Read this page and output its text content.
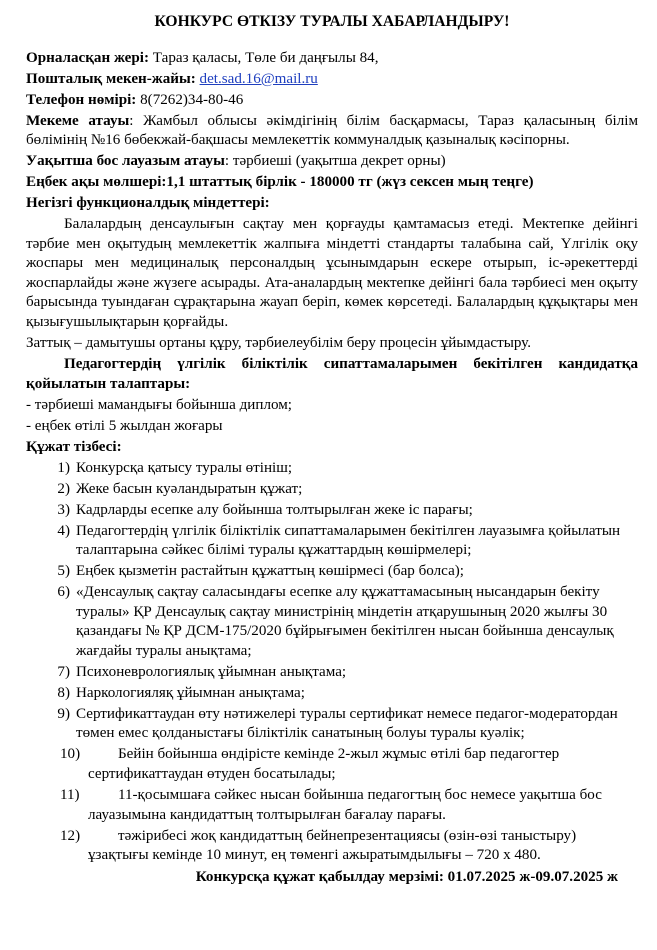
КОНКУРС ӨТКІЗУ ТУРАЛЫ ХАБАРЛАНДЫРУ!
Орналасқан жері: Тараз қаласы, Төле би даңғылы 84,
Пошталық мекен-жайы: det.sad.16@mail.ru
Телефон нөмірі: 8(7262)34-80-46
Мекеме атауы: Жамбыл облысы әкімдігінің білім басқармасы, Тараз қаласының білім бөлімінің №16 бөбекжай-бақшасы мемлекеттік коммуналдық қазыналық кәсіпорны.
Уақытша бос лауазым атауы: тәрбиеші (уақытша декрет орны)
Еңбек ақы мөлшері:1,1 штаттық бірлік - 180000 тг (жүз сексен мың теңге)
Негізгі функционалдық міндеттері:
Балалардың денсаулығын сақтау мен қорғауды қамтамасыз етеді. Мектепке дейінгі тәрбие мен оқытудың мемлекеттік жалпыға міндетті стандарты талабына сай, Үлгілік оқу жоспары мен медициналық персоналдың ұсынымдарын ескере отырып, іс-әрекеттерді жоспарлайды және жүзеге асырады. Ата-аналардың мектепке дейінгі бала тәрбиесі мен оқыту барысында туындаған сұрақтарына жауап беріп, көмек көрсетеді. Балалардың құқықтары мен қызығушылықтарын қорғайды.
Заттық – дамытушы ортаны құру, тәрбиелеубілім беру процесін ұйымдастыру.
Педагогтердің үлгілік біліктілік сипаттамаларымен бекітілген кандидатқа қойылатын талаптары:
- тәрбиеші мамандығы бойынша диплом;
- еңбек өтілі 5 жылдан жоғары
Құжат тізбесі:
1) Конкурсқа қатысу туралы өтініш;
2) Жеке басын куәландыратын құжат;
3) Кадрларды есепке алу бойынша толтырылған жеке іс парағы;
4) Педагогтердің үлгілік біліктілік сипаттамаларымен бекітілген лауазымға қойылатын талаптарына сәйкес білімі туралы құжаттардың көшірмелері;
5) Еңбек қызметін растайтын құжаттың көшірмесі (бар болса);
6) «Денсаулық сақтау саласындағы есепке алу құжаттамасының нысандарын бекіту туралы» ҚР Денсаулық сақтау министрінің міндетін атқарушының 2020 жылғы 30 қазандағы № ҚР ДСМ-175/2020 бұйрығымен бекітілген нысан бойынша денсаулық жағдайы туралы анықтама;
7) Психоневрологиялық ұйымнан анықтама;
8) Наркологияляқ ұйымнан анықтама;
9) Сертификаттаудан өту нәтижелері туралы сертификат немесе педагог-модератордан төмен емес қолданыстағы біліктілік санатының болуы туралы куәлік;
10)	Бейін бойынша өндірісте кемінде 2-жыл жұмыс өтілі бар педагогтер сертификаттаудан өтуден босатылады;
11)	11-қосымшаға сәйкес нысан бойынша педагогтың бос немесе уақытша бос лауазымына кандидаттың толтырылған бағалау парағы.
12)	тәжірибесі жоқ кандидаттың бейнепрезентациясы (өзін-өзі таныстыру) ұзақтығы кемінде 10 минут, ең төменгі ажыратымдылығы – 720 х 480.
Конкурсқа құжат қабылдау мерзімі: 01.07.2025 ж-09.07.2025 ж
